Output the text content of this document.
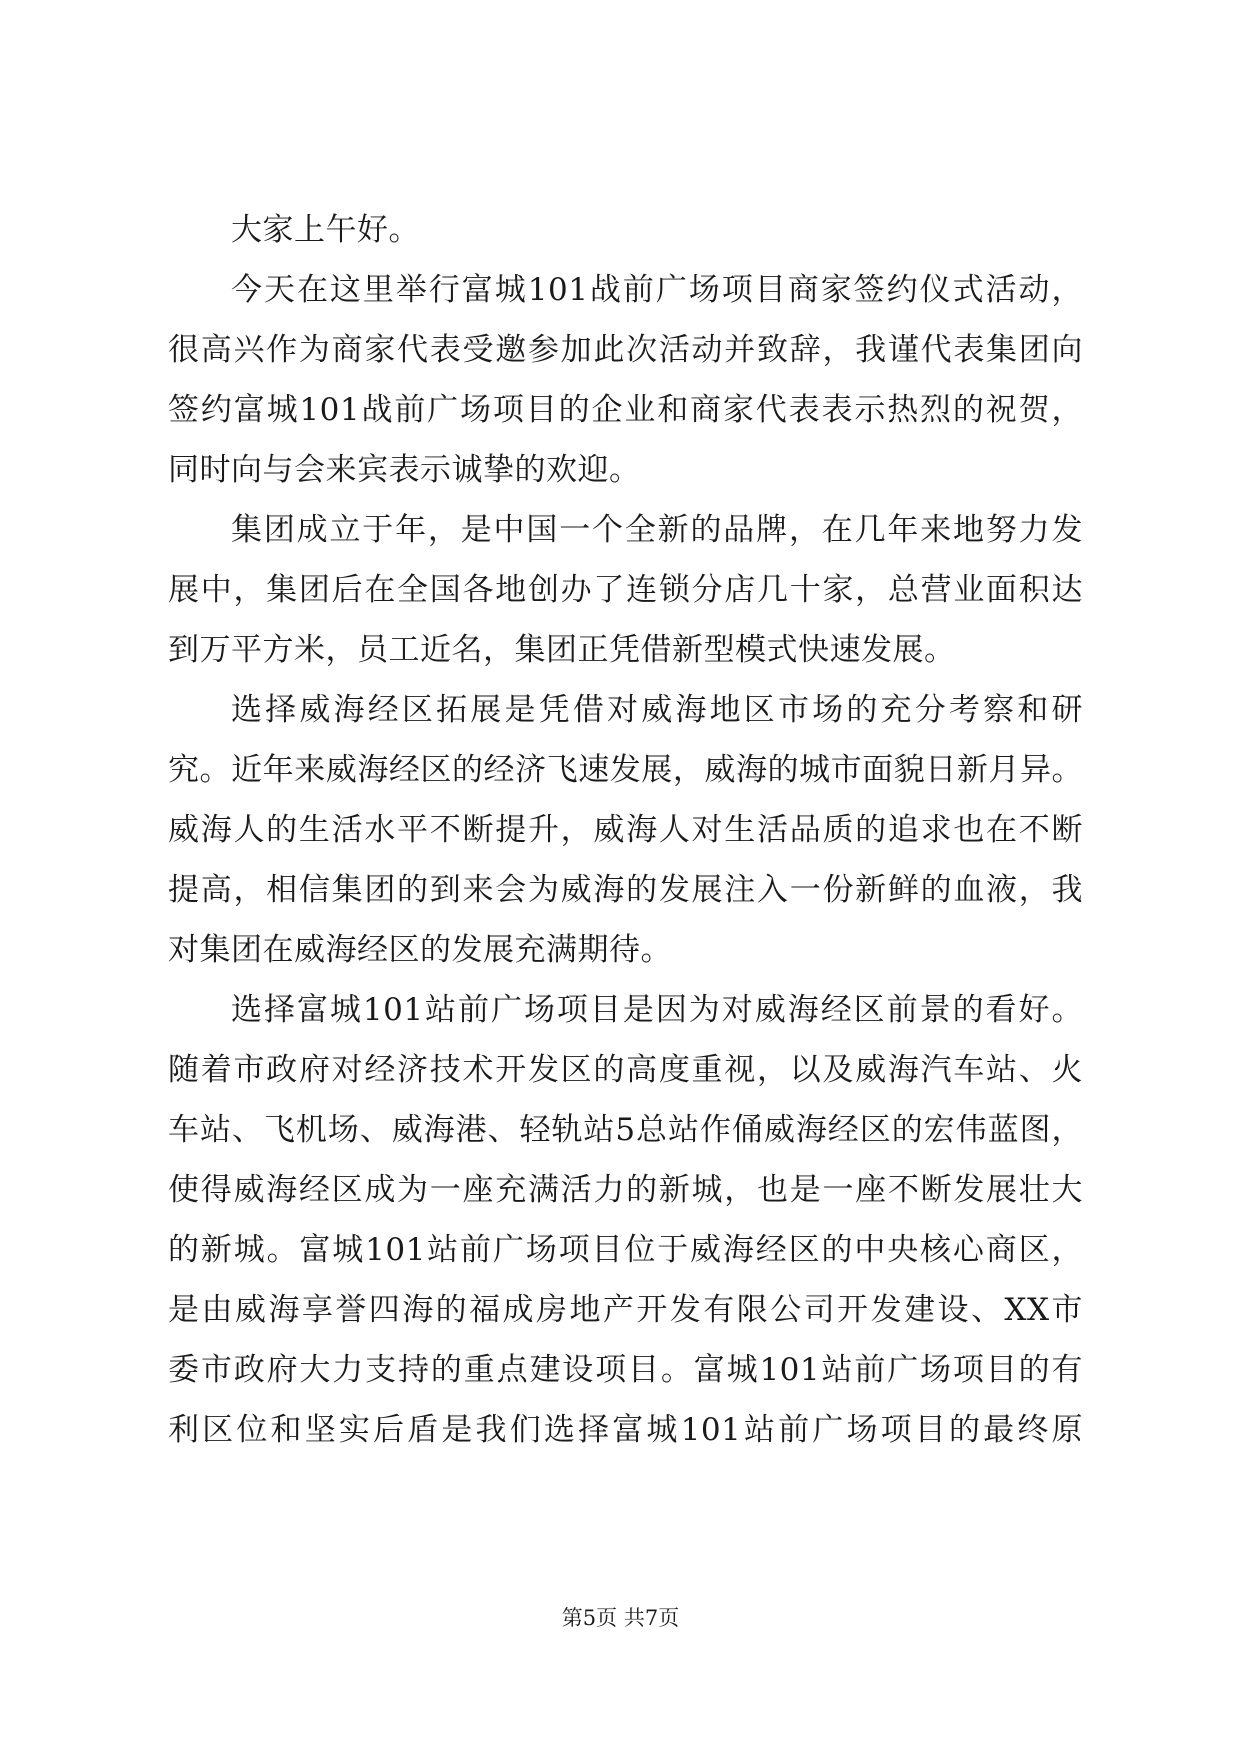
大家上午好。
今天在这里举行富城101战前广场项目商家签约仪式活动，
很高兴作为商家代表受邀参加此次活动并致辞，我谨代表集团向
签约富城101战前广场项目的企业和商家代表表示热烈的祝贺，
同时向与会来宾表示诚挚的欢迎。
集团成立于年，是中国一个全新的品牌，在几年来地努力发
展中，集团后在全国各地创办了连锁分店几十家，总营业面积达
到万平方米，员工近名，集团正凭借新型模式快速发展。
选择威海经区拓展是凭借对威海地区市场的充分考察和研
究。近年来威海经区的经济飞速发展，威海的城市面貌日新月异。
威海人的生活水平不断提升，威海人对生活品质的追求也在不断
提高，相信集团的到来会为威海的发展注入一份新鲜的血液，我
对集团在威海经区的发展充满期待。
选择富城101站前广场项目是因为对威海经区前景的看好。
随着市政府对经济技术开发区的高度重视，以及威海汽车站、火
车站、飞机场、威海港、轻轨站5总站作俑威海经区的宏伟蓝图，
使得威海经区成为一座充满活力的新城，也是一座不断发展壮大
的新城。富城101站前广场项目位于威海经区的中央核心商区，
是由威海享誉四海的福成房地产开发有限公司开发建设、XX市
委市政府大力支持的重点建设项目。富城101站前广场项目的有
利区位和坚实后盾是我们选择富城101站前广场项目的最终原
第5页 共7页
